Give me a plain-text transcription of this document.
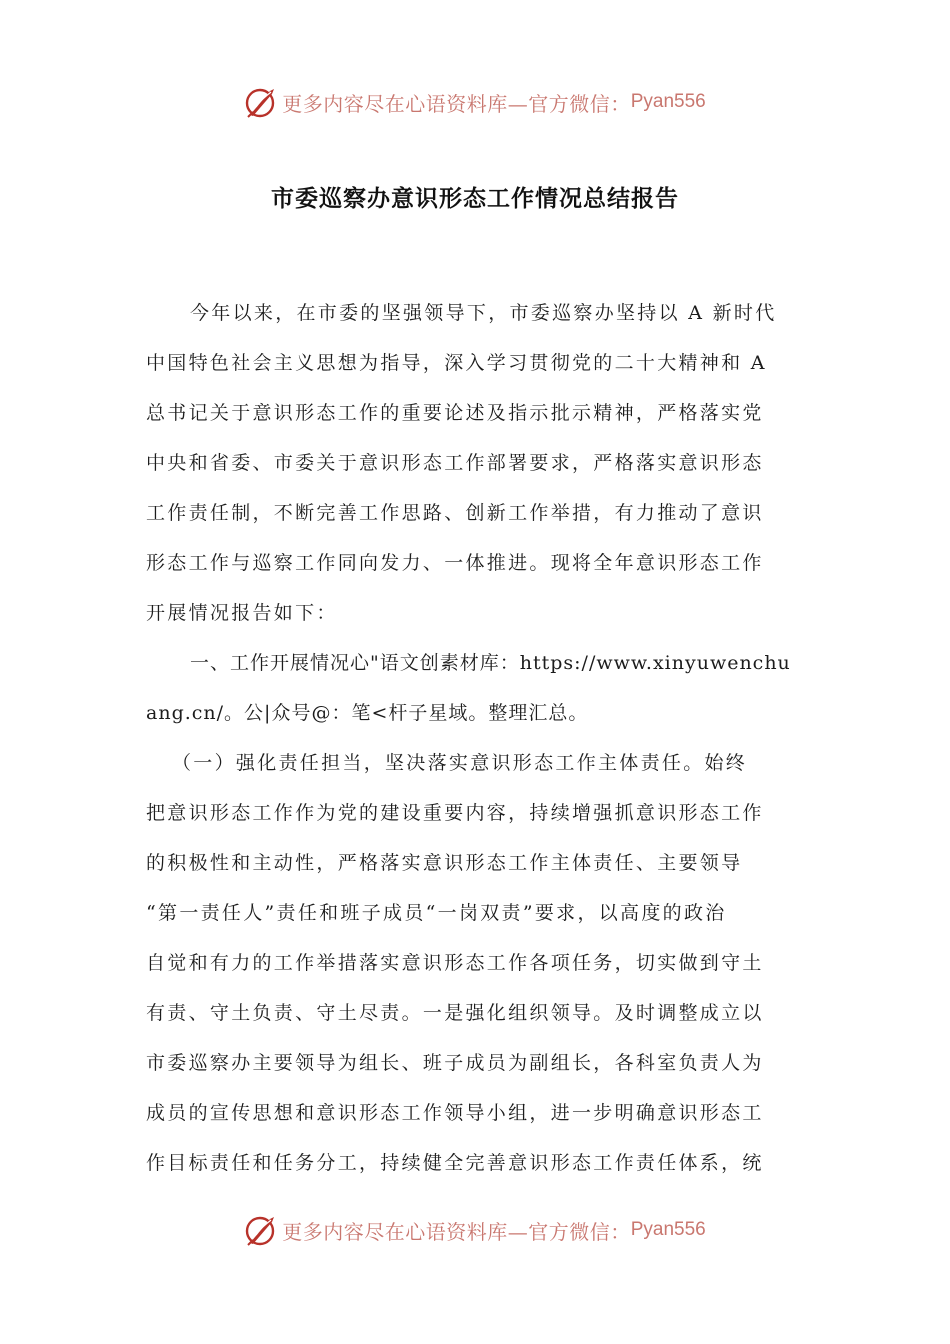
更多内容尽在心语资料库—官方微信： Pyan556
市委巡察办意识形态工作情况总结报告
今年以来，在市委的坚强领导下，市委巡察办坚持以 A 新时代
中国特色社会主义思想为指导，深入学习贯彻党的二十大精神和 A
总书记关于意识形态工作的重要论述及指示批示精神，严格落实党
中央和省委、市委关于意识形态工作部署要求，严格落实意识形态
工作责任制，不断完善工作思路、创新工作举措，有力推动了意识
形态工作与巡察工作同向发力、一体推进。现将全年意识形态工作
开展情况报告如下：
一、工作开展情况心"语文创素材库：https://www.xinyuwenchu
ang.cn/。公|众号@：笔<杆子星域。整理汇总。
（一）强化责任担当，坚决落实意识形态工作主体责任。始终
把意识形态工作作为党的建设重要内容，持续增强抓意识形态工作
的积极性和主动性，严格落实意识形态工作主体责任、主要领导
“第一责任人”责任和班子成员“一岗双责”要求，以高度的政治
自觉和有力的工作举措落实意识形态工作各项任务，切实做到守土
有责、守土负责、守土尽责。一是强化组织领导。及时调整成立以
市委巡察办主要领导为组长、班子成员为副组长，各科室负责人为
成员的宣传思想和意识形态工作领导小组，进一步明确意识形态工
作目标责任和任务分工，持续健全完善意识形态工作责任体系，统
更多内容尽在心语资料库—官方微信： Pyan556
